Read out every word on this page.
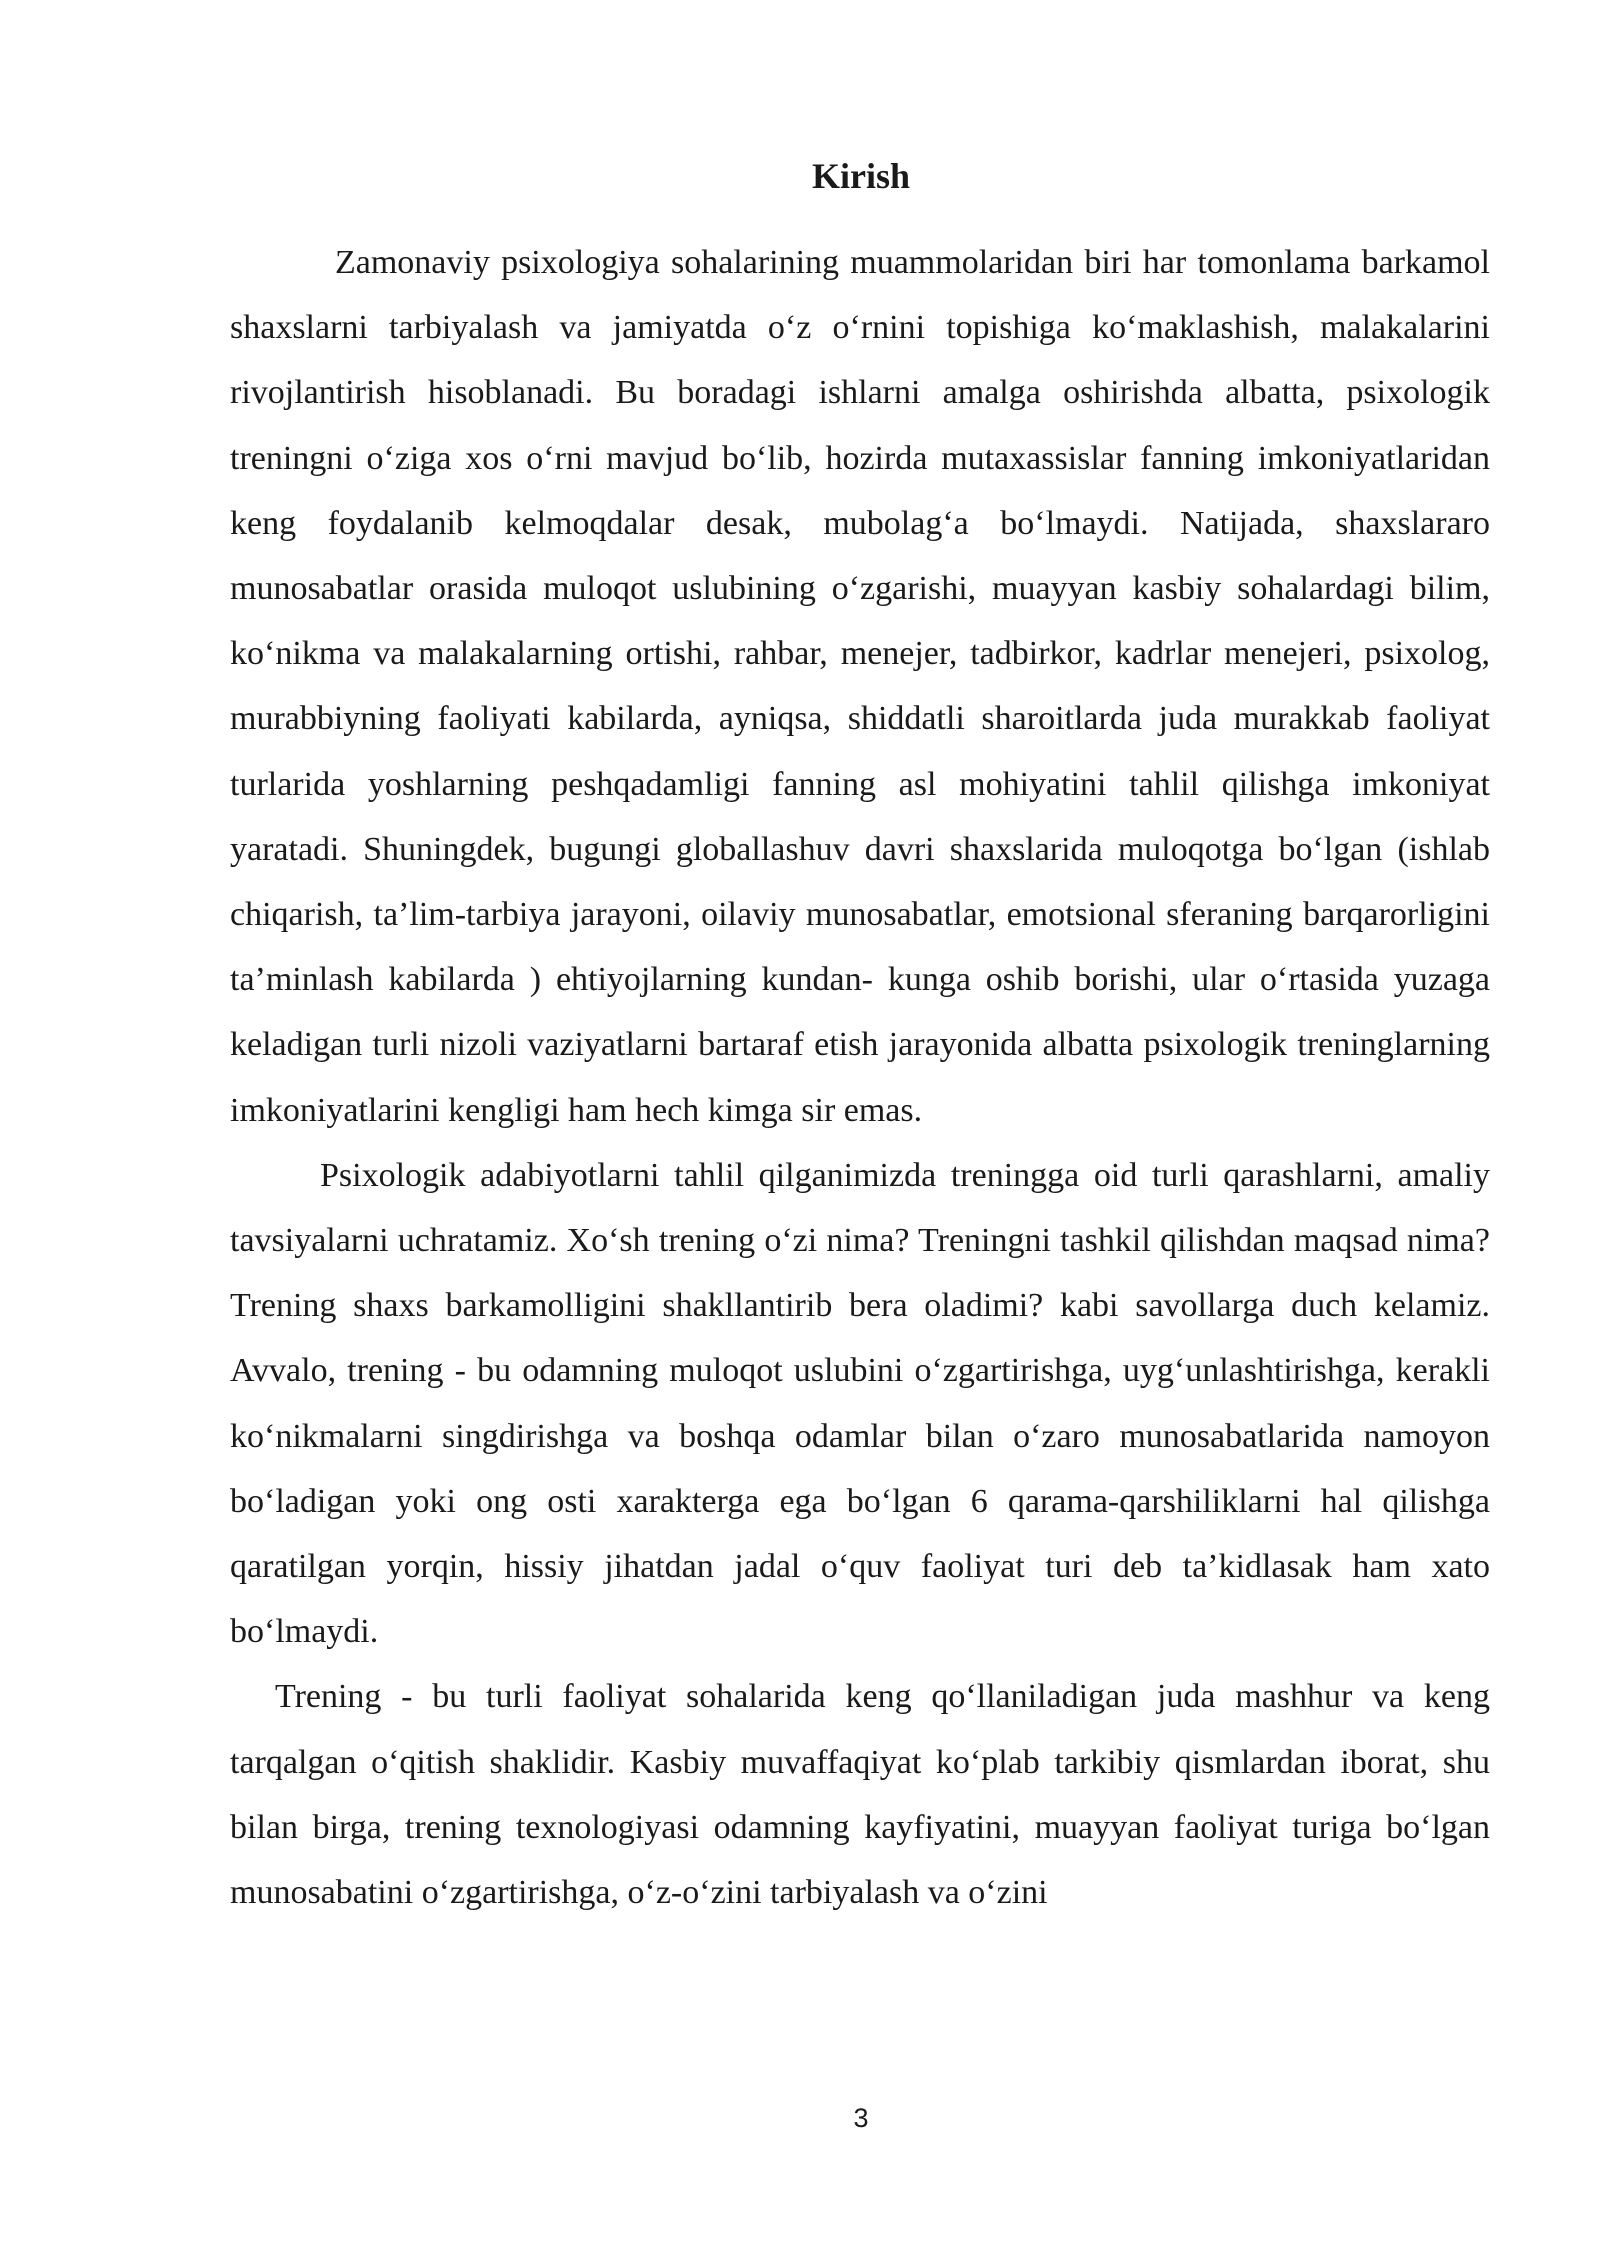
Kirish

Zamonaviy psixologiya sohalarining muammolaridan biri har tomonlama barkamol shaxslarni tarbiyalash va jamiyatda o‘z o‘rnini topishiga ko‘maklashish, malakalarini rivojlantirish hisoblanadi. Bu boradagi ishlarni amalga oshirishda albatta, psixologik treningni o‘ziga xos o‘rni mavjud bo‘lib, hozirda mutaxassislar fanning imkoniyatlaridan keng foydalanib kelmoqdalar desak, mubolag‘a bo‘lmaydi. Natijada, shaxslararo munosabatlar orasida muloqot uslubining o‘zgarishi, muayyan kasbiy sohalardagi bilim, ko‘nikma va malakalarning ortishi, rahbar, menejer, tadbirkor, kadrlar menejeri, psixolog, murabbiyning faoliyati kabilarda, ayniqsa, shiddatli sharoitlarda juda murakkab faoliyat turlarida yoshlarning peshqadamligi fanning asl mohiyatini tahlil qilishga imkoniyat yaratadi. Shuningdek, bugungi globallashuv davri shaxslarida muloqotga bo‘lgan (ishlab chiqarish, ta’lim-tarbiya jarayoni, oilaviy munosabatlar, emotsional sferaning barqarorligini ta’minlash kabilarda ) ehtiyojlarning kundan- kunga oshib borishi, ular o‘rtasida yuzaga keladigan turli nizoli vaziyatlarni bartaraf etish jarayonida albatta psixologik treninglarning imkoniyatlarini kengligi ham hech kimga sir emas.

Psixologik adabiyotlarni tahlil qilganimizda treningga oid turli qarashlarni, amaliy tavsiyalarni uchratamiz. Xo‘sh trening o‘zi nima? Treningni tashkil qilishdan maqsad nima? Trening shaxs barkamolligini shakllantirib bera oladimi? kabi savollarga duch kelamiz. Avvalo, trening - bu odamning muloqot uslubini o‘zgartirishga, uyg‘unlashtirishga, kerakli ko‘nikmalarni singdirishga va boshqa odamlar bilan o‘zaro munosabatlarida namoyon bo‘ladigan yoki ong osti xarakterga ega bo‘lgan 6 qarama-qarshiliklarni hal qilishga qaratilgan yorqin, hissiy jihatdan jadal o‘quv faoliyat turi deb ta’kidlasak ham xato bo‘lmaydi.

Trening - bu turli faoliyat sohalarida keng qo‘llaniladigan juda mashhur va keng tarqalgan o‘qitish shaklidir. Kasbiy muvaffaqiyat ko‘plab tarkibiy qismlardan iborat, shu bilan birga, trening texnologiyasi odamning kayfiyatini, muayyan faoliyat turiga bo‘lgan munosabatini o‘zgartirishga, o‘z-o‘zini tarbiyalash va o‘zini

3
